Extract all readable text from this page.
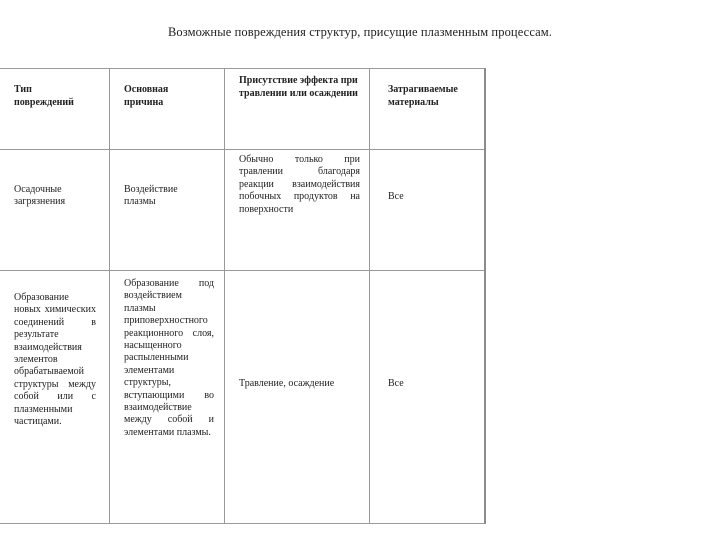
Возможные повреждения структур, присущие плазменным процессам.
Тип повреждений
Основная причина
Присутствие эффекта при травлении или осаждении	Затрагиваемые материалы
Осадочные загрязнения
Воздействие плазмы
Обычно только при травлении благодаря реакции взаимодействия побочных продуктов на поверхности
Все
Образование новых химических соединений в результате взаимодействия элементов обрабатываемой структуры между собой или с плазменными частицами.
Образование под воздействием плазмы приповерхностного реакционного слоя, насыщенного распыленными элементами структуры, вступающими во взаимодействие между собой и элементами плазмы.
Травление, осаждение	Все
